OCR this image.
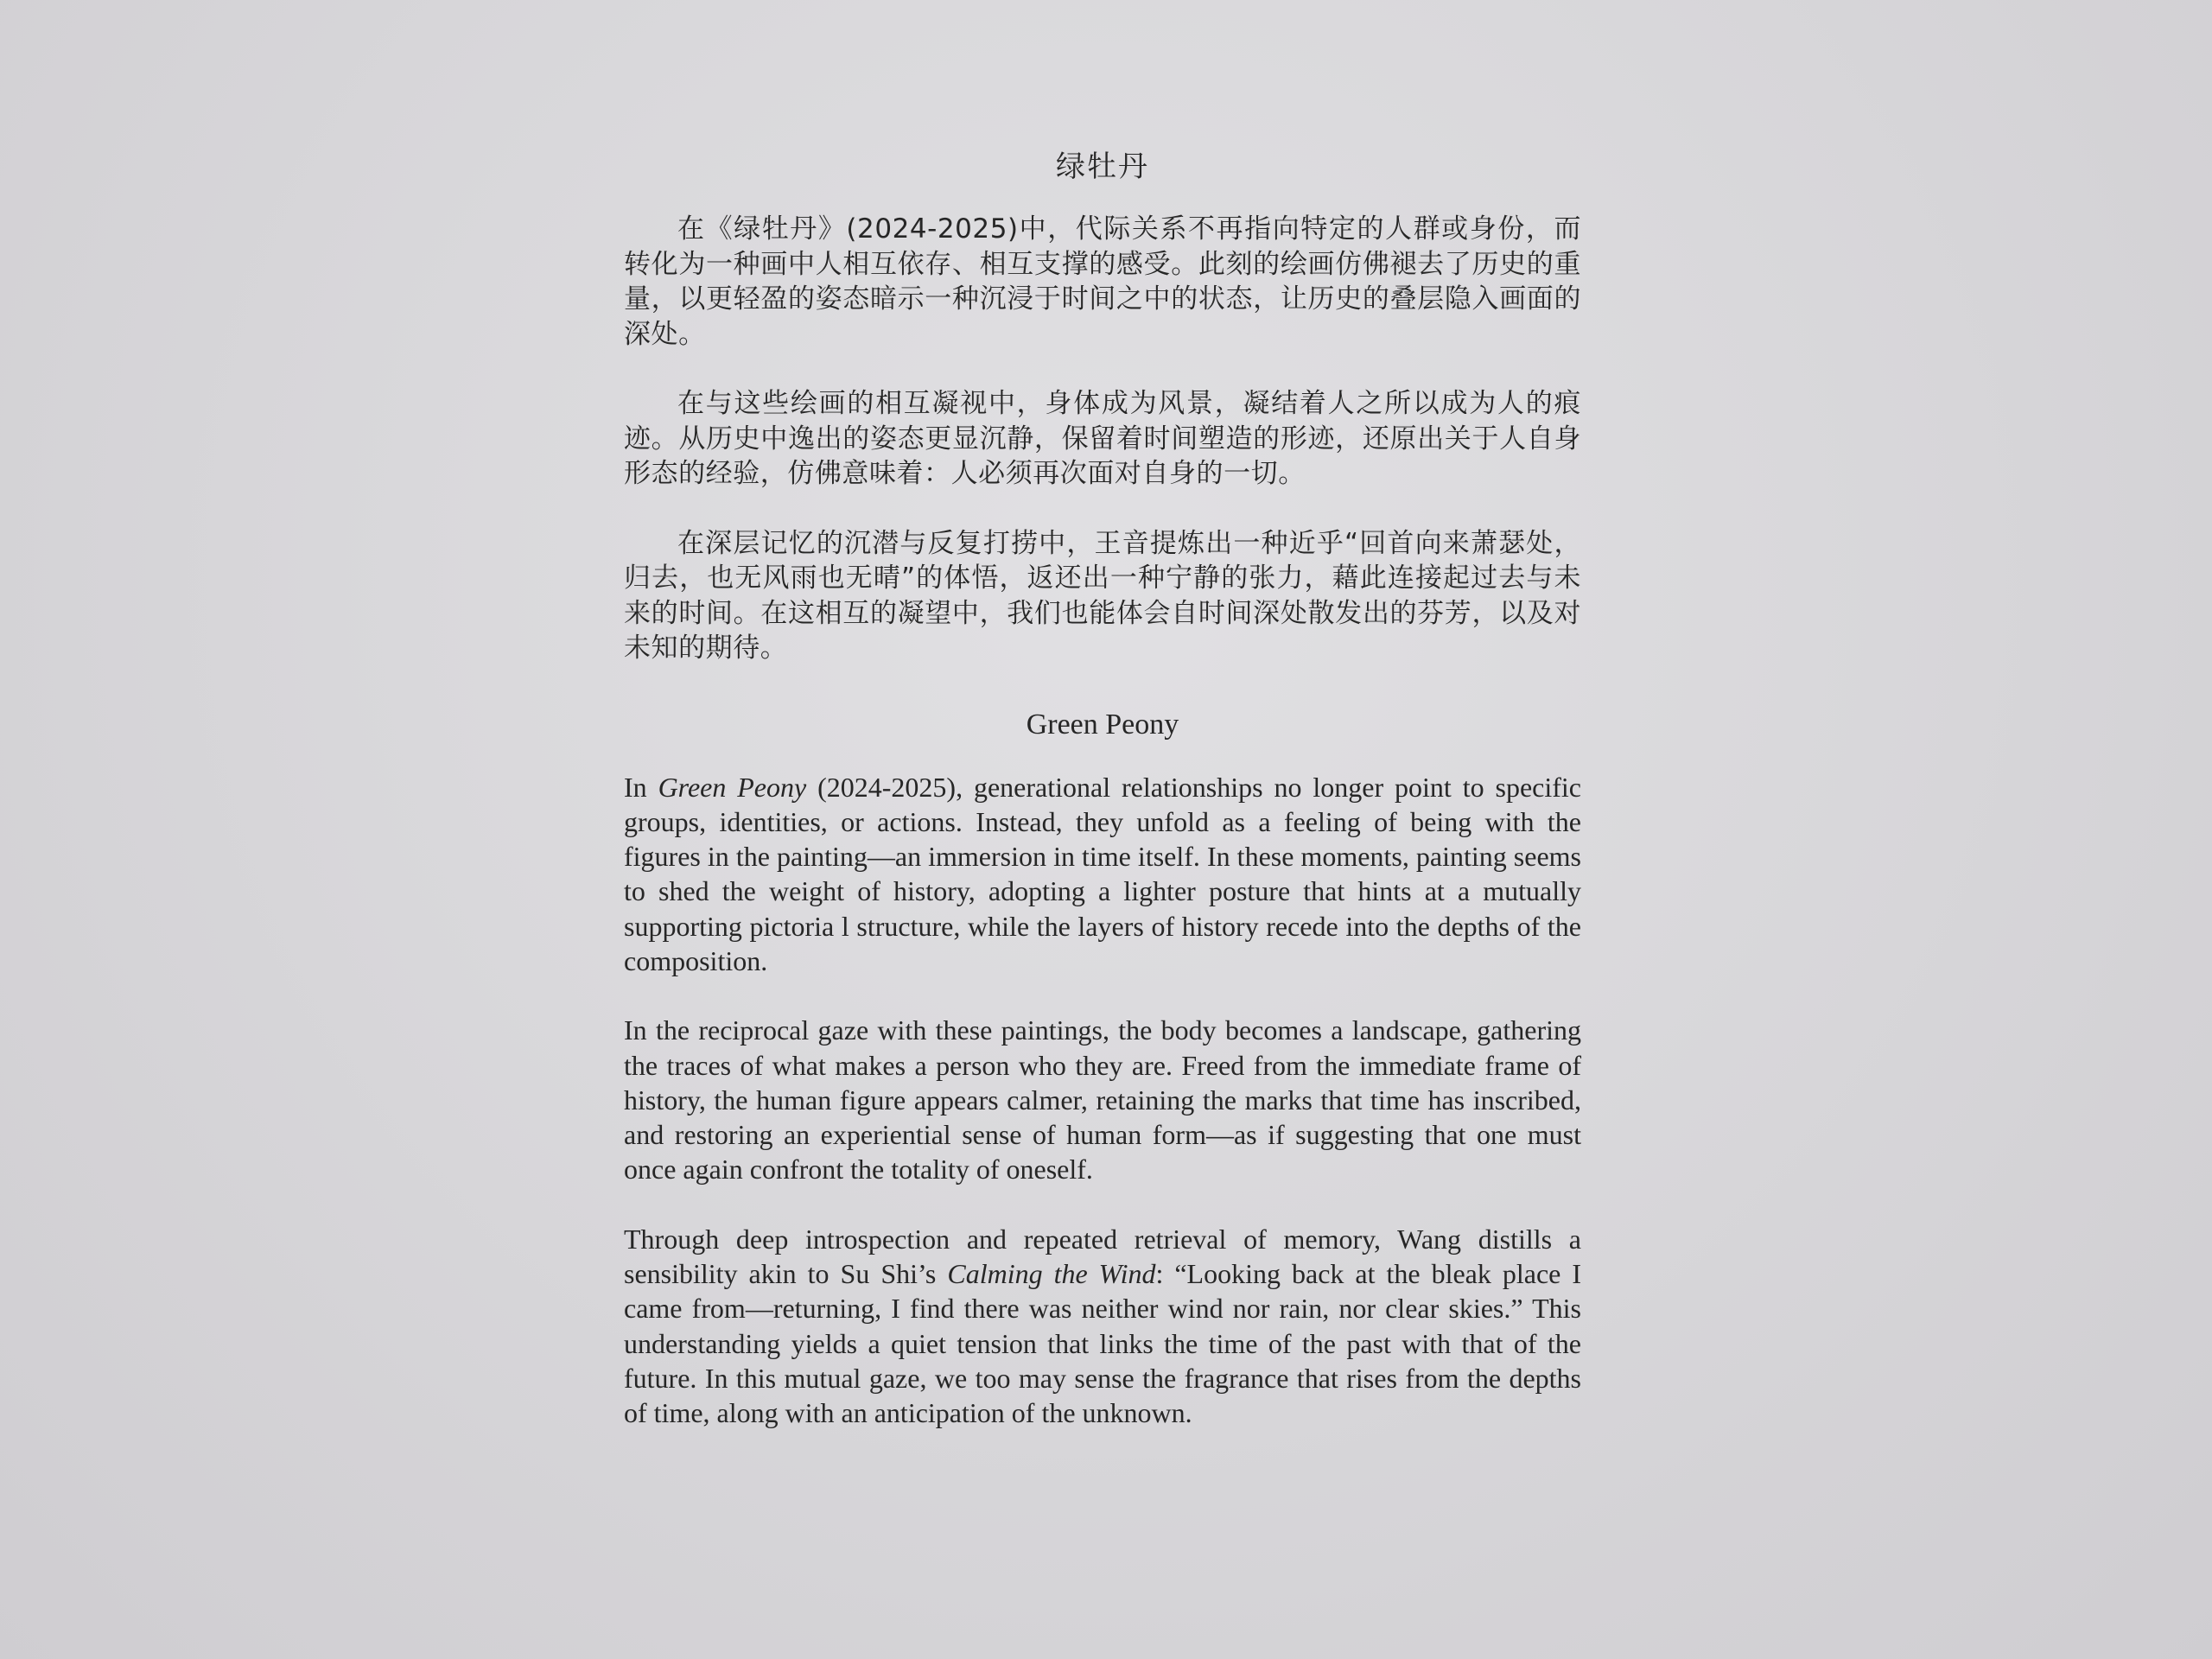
绿牡丹

在《绿牡丹》(2024-2025)中，代际关系不再指向特定的人群或身份，而转化为一种画中人相互依存、相互支撑的感受。此刻的绘画仿佛褪去了历史的重量，以更轻盈的姿态暗示一种沉浸于时间之中的状态，让历史的叠层隐入画面的深处。

在与这些绘画的相互凝视中，身体成为风景，凝结着人之所以成为人的痕迹。从历史中逸出的姿态更显沉静，保留着时间塑造的形迹，还原出关于人自身形态的经验，仿佛意味着：人必须再次面对自身的一切。

在深层记忆的沉潜与反复打捞中，王音提炼出一种近乎“回首向来萧瑟处，归去，也无风雨也无晴”的体悟，返还出一种宁静的张力，藉此连接起过去与未来的时间。在这相互的凝望中，我们也能体会自时间深处散发出的芬芳，以及对未知的期待。

Green Peony

In Green Peony (2024-2025), generational relationships no longer point to specific groups, identities, or actions. Instead, they unfold as a feeling of being with the figures in the painting—an immersion in time itself. In these moments, painting seems to shed the weight of history, adopting a lighter posture that hints at a mutually supporting pictoria l structure, while the layers of history recede into the depths of the composition.

In the reciprocal gaze with these paintings, the body becomes a landscape, gathering the traces of what makes a person who they are. Freed from the immediate frame of history, the human figure appears calmer, retaining the marks that time has inscribed, and restoring an experiential sense of human form—as if suggesting that one must once again confront the totality of oneself.

Through deep introspection and repeated retrieval of memory, Wang distills a sensibility akin to Su Shi’s Calming the Wind: “Looking back at the bleak place I came from—returning, I find there was neither wind nor rain, nor clear skies.” This understanding yields a quiet tension that links the time of the past with that of the future. In this mutual gaze, we too may sense the fragrance that rises from the depths of time, along with an anticipation of the unknown.
